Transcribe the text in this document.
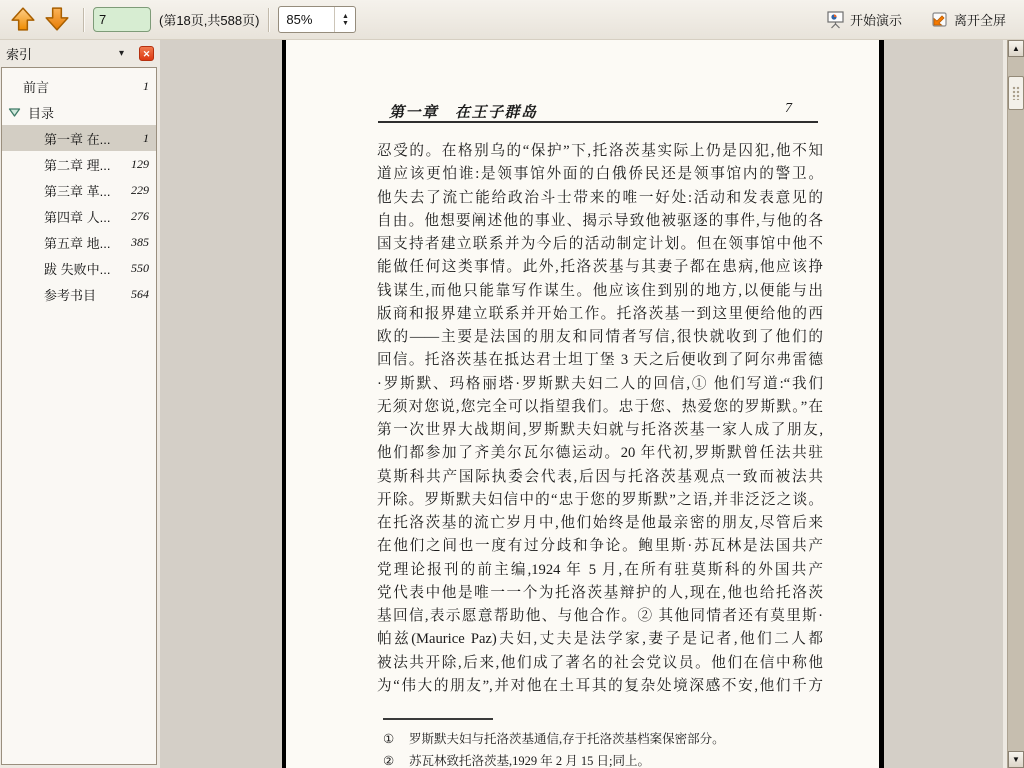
7
(第18页,共588页)	85%	▲
▼	开始演示	离开全屏
索引	▾	✕
前言	1
目录
第一章 在...	1
第二章 理... 129
第三章 革... 229
第四章 人... 276
第五章 地... 385
跋 失败中... 550
参考书目	564
第一章　在王子群岛	7
忍受的。在格别乌的“保护”下,托洛茨基实际上仍是囚犯,他不知
道应该更怕谁:是领事馆外面的白俄侨民还是领事馆内的警卫。
他失去了流亡能给政治斗士带来的唯一好处:活动和发表意见的
自由。他想要阐述他的事业、揭示导致他被驱逐的事件,与他的各
国支持者建立联系并为今后的活动制定计划。但在领事馆中他不
能做任何这类事情。此外,托洛茨基与其妻子都在患病,他应该挣
钱谋生,而他只能靠写作谋生。他应该住到别的地方,以便能与出
版商和报界建立联系并开始工作。托洛茨基一到这里便给他的西
欧的——主要是法国的朋友和同情者写信,很快就收到了他们的
回信。托洛茨基在抵达君士坦丁堡 3 天之后便收到了阿尔弗雷德
·罗斯默、玛格丽塔·罗斯默夫妇二人的回信,① 他们写道:“我们
无须对您说,您完全可以指望我们。忠于您、热爱您的罗斯默。”在
第一次世界大战期间,罗斯默夫妇就与托洛茨基一家人成了朋友,
他们都参加了齐美尔瓦尔德运动。20 年代初,罗斯默曾任法共驻
莫斯科共产国际执委会代表,后因与托洛茨基观点一致而被法共
开除。罗斯默夫妇信中的“忠于您的罗斯默”之语,并非泛泛之谈。
在托洛茨基的流亡岁月中,他们始终是他最亲密的朋友,尽管后来
在他们之间也一度有过分歧和争论。鲍里斯·苏瓦林是法国共产
党理论报刊的前主编,1924 年 5 月,在所有驻莫斯科的外国共产
党代表中他是唯一一个为托洛茨基辩护的人,现在,他也给托洛茨
基回信,表示愿意帮助他、与他合作。② 其他同情者还有莫里斯·
帕兹(Maurice Paz)夫妇,丈夫是法学家,妻子是记者,他们二人都
被法共开除,后来,他们成了著名的社会党议员。他们在信中称他
为“伟大的朋友”,并对他在土耳其的复杂处境深感不安,他们千方
①	罗斯默夫妇与托洛茨基通信,存于托洛茨基档案保密部分。
②	苏瓦林致托洛茨基,1929 年 2 月 15 日;同上。
▲
▼
